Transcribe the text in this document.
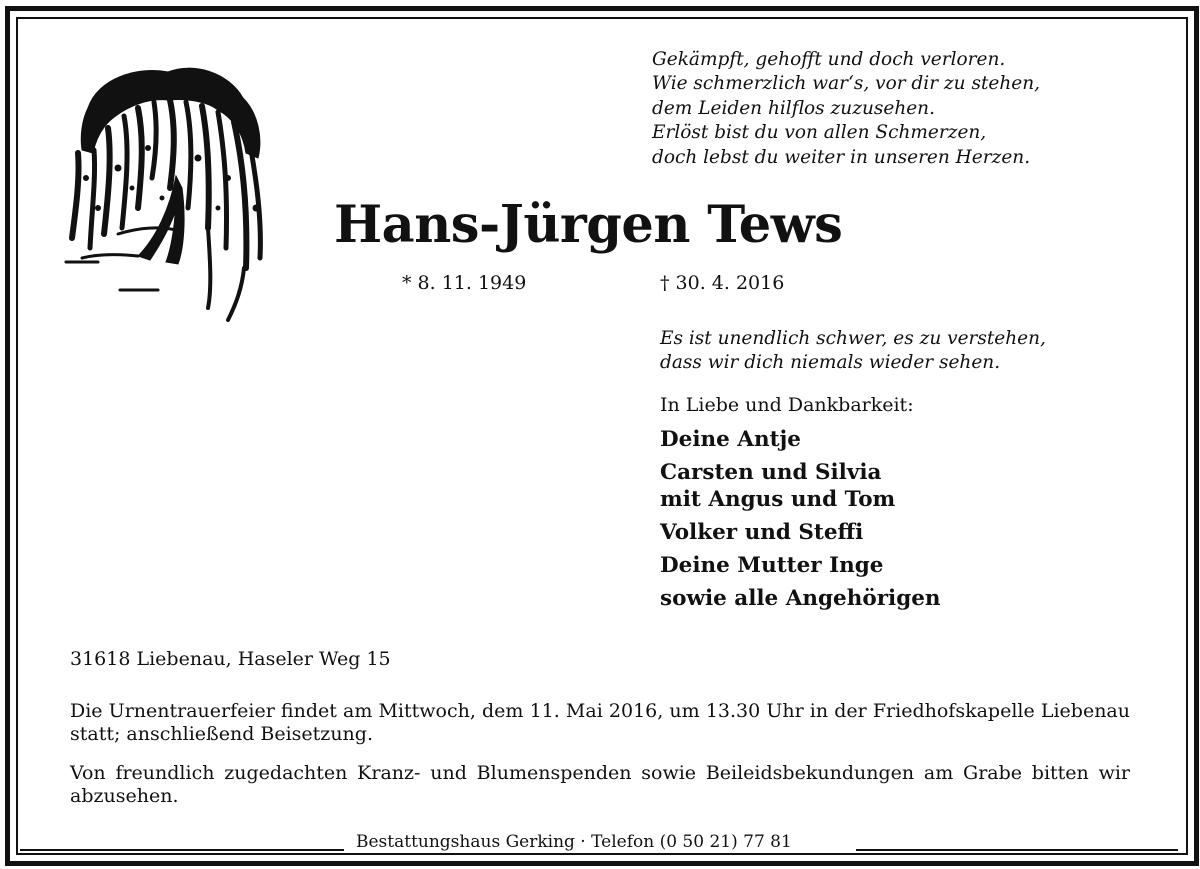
Gekämpft, gehofft und doch verloren.
Wie schmerzlich war‘s, vor dir zu stehen,
dem Leiden hilflos zuzusehen.
Erlöst bist du von allen Schmerzen,
doch lebst du weiter in unseren Herzen.
Hans-Jürgen Tews
* 8. 11. 1949	† 30. 4. 2016
Es ist unendlich schwer, es zu verstehen,
dass wir dich niemals wieder sehen.
In Liebe und Dankbarkeit:
Deine Antje
Carsten und Silvia
mit Angus und Tom
Volker und Steffi
Deine Mutter Inge
sowie alle Angehörigen
31618 Liebenau, Haseler Weg 15
Die Urnentrauerfeier findet am Mittwoch, dem 11. Mai 2016, um 13.30 Uhr in der Friedhofskapelle Liebenau statt; anschließend Beisetzung.
Von freundlich zugedachten Kranz- und Blumenspenden sowie Beileidsbekundungen am Grabe bitten wir abzusehen.
Bestattungshaus Gerking · Telefon (0 50 21) 77 81
